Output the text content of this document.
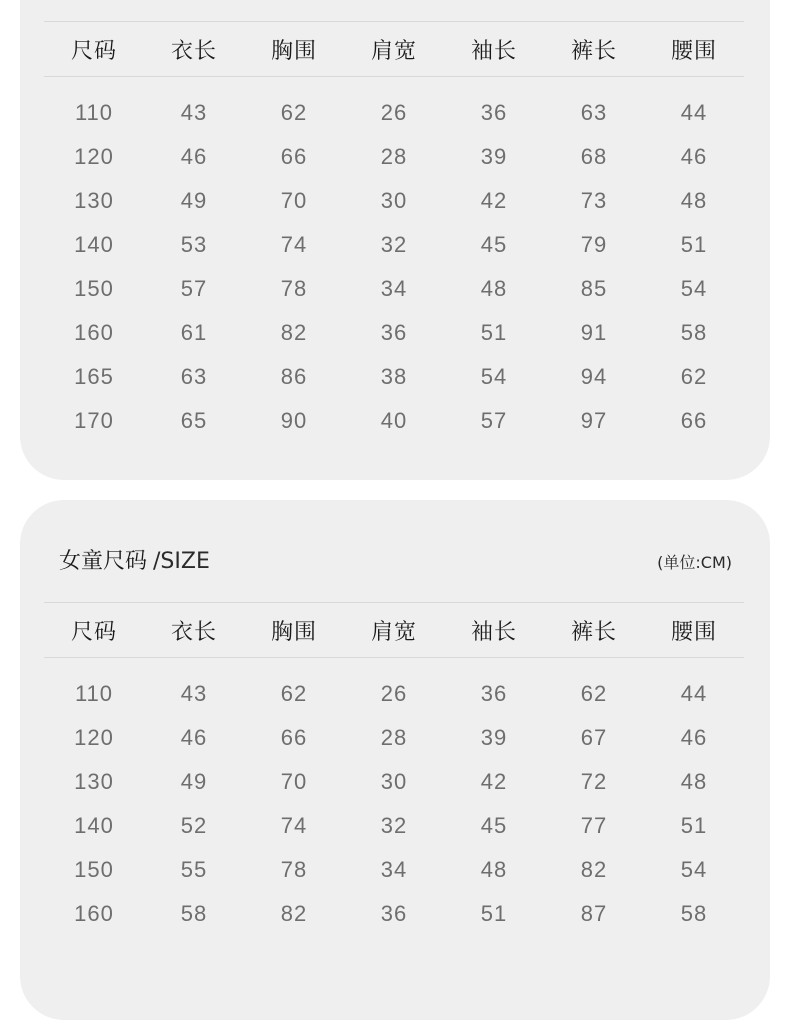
尺码	衣长	胸围	肩宽	袖长	裤长	腰围
110	43	62	26	36	63	44
120	46	66	28	39	68	46
130	49	70	30	42	73	48
140	53	74	32	45	79	51
150	57	78	34	48	85	54
160	61	82	36	51	91	58
165	63	86	38	54	94	62
170	65	90	40	57	97	66
女童尺码 /SIZE	(单位:CM)
尺码	衣长	胸围	肩宽	袖长	裤长	腰围
110	43	62	26	36	62	44
120	46	66	28	39	67	46
130	49	70	30	42	72	48
140	52	74	32	45	77	51
150	55	78	34	48	82	54
160	58	82	36	51	87	58
